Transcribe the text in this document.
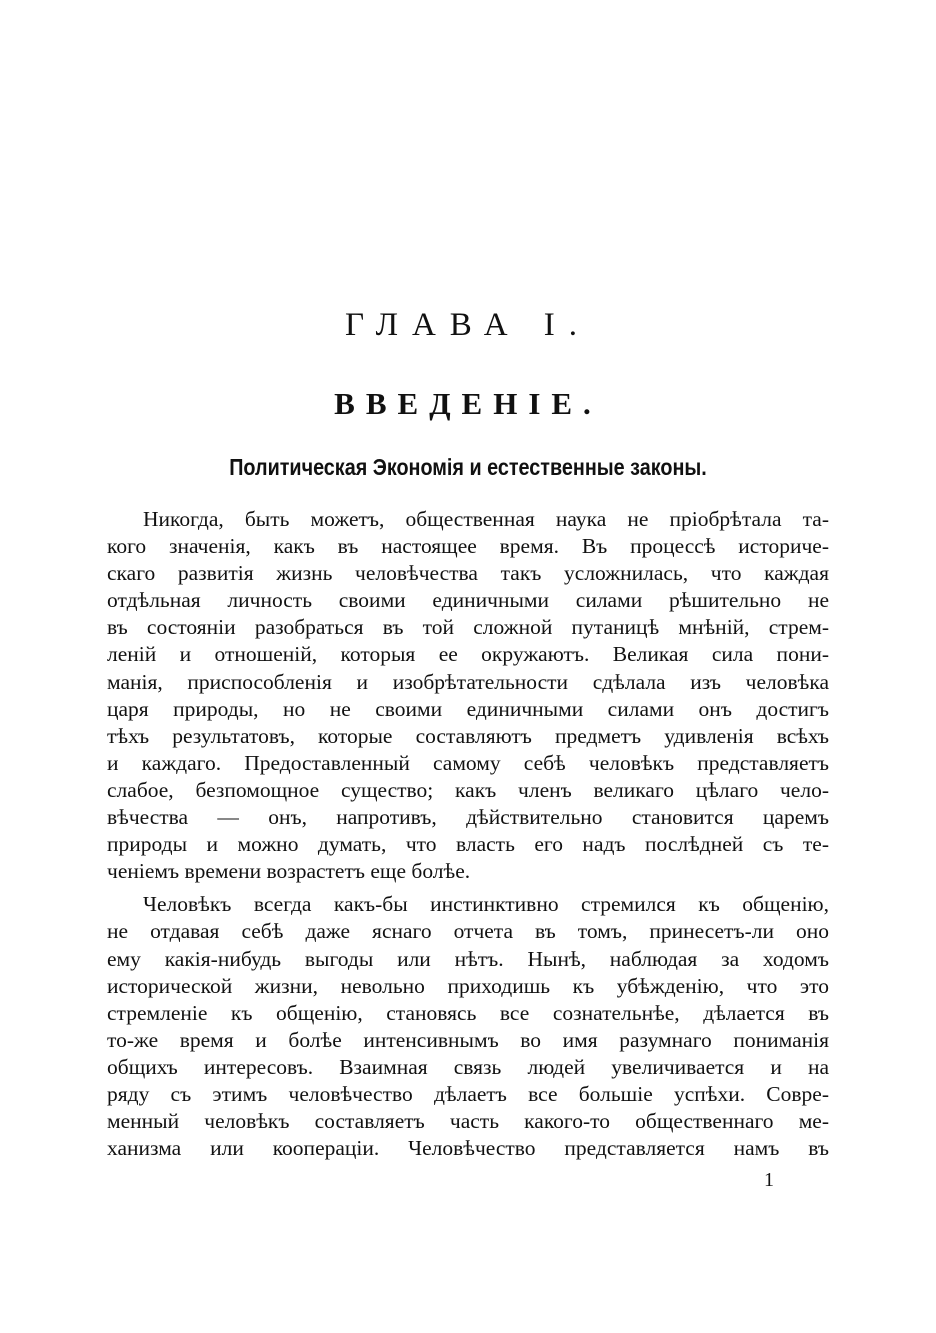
ГЛАВА I.
ВВЕДЕНІЕ.
Политическая Экономія и естественные законы.
Никогда, быть можетъ, общественная наука не пріобрѣтала та-
кого значенія, какъ въ настоящее время. Въ процессѣ историче-
скаго развитія жизнь человѣчества такъ усложнилась, что каждая
отдѣльная личность своими единичными силами рѣшительно не
въ состояніи разобраться въ той сложной путаницѣ мнѣній, стрем-
леній и отношеній, которыя ее окружаютъ. Великая сила пони-
манія, приспособленія и изобрѣтательности сдѣлала изъ человѣка
царя природы, но не своими единичными силами онъ достигъ
тѣхъ результатовъ, которые составляютъ предметъ удивленія всѣхъ
и каждаго. Предоставленный самому себѣ человѣкъ представляетъ
слабое, безпомощное существо; какъ членъ великаго цѣлаго чело-
вѣчества — онъ, напротивъ, дѣйствительно становится царемъ
природы и можно думать, что власть его надъ послѣдней съ те-
ченіемъ времени возрастетъ еще болѣе.
Человѣкъ всегда какъ-бы инстинктивно стремился къ общенію,
не отдавая себѣ даже яснаго отчета въ томъ, принесетъ-ли оно
ему какія-нибудь выгоды или нѣтъ. Нынѣ, наблюдая за ходомъ
исторической жизни, невольно приходишь къ убѣжденію, что это
стремленіе къ общенію, становясь все сознательнѣе, дѣлается въ
то-же время и болѣе интенсивнымъ во имя разумнаго пониманія
общихъ интересовъ. Взаимная связь людей увеличивается и на
ряду съ этимъ человѣчество дѣлаетъ все большіе успѣхи. Совре-
менный человѣкъ составляетъ часть какого-то общественнаго ме-
ханизма или коопераціи. Человѣчество представляется намъ въ
1
